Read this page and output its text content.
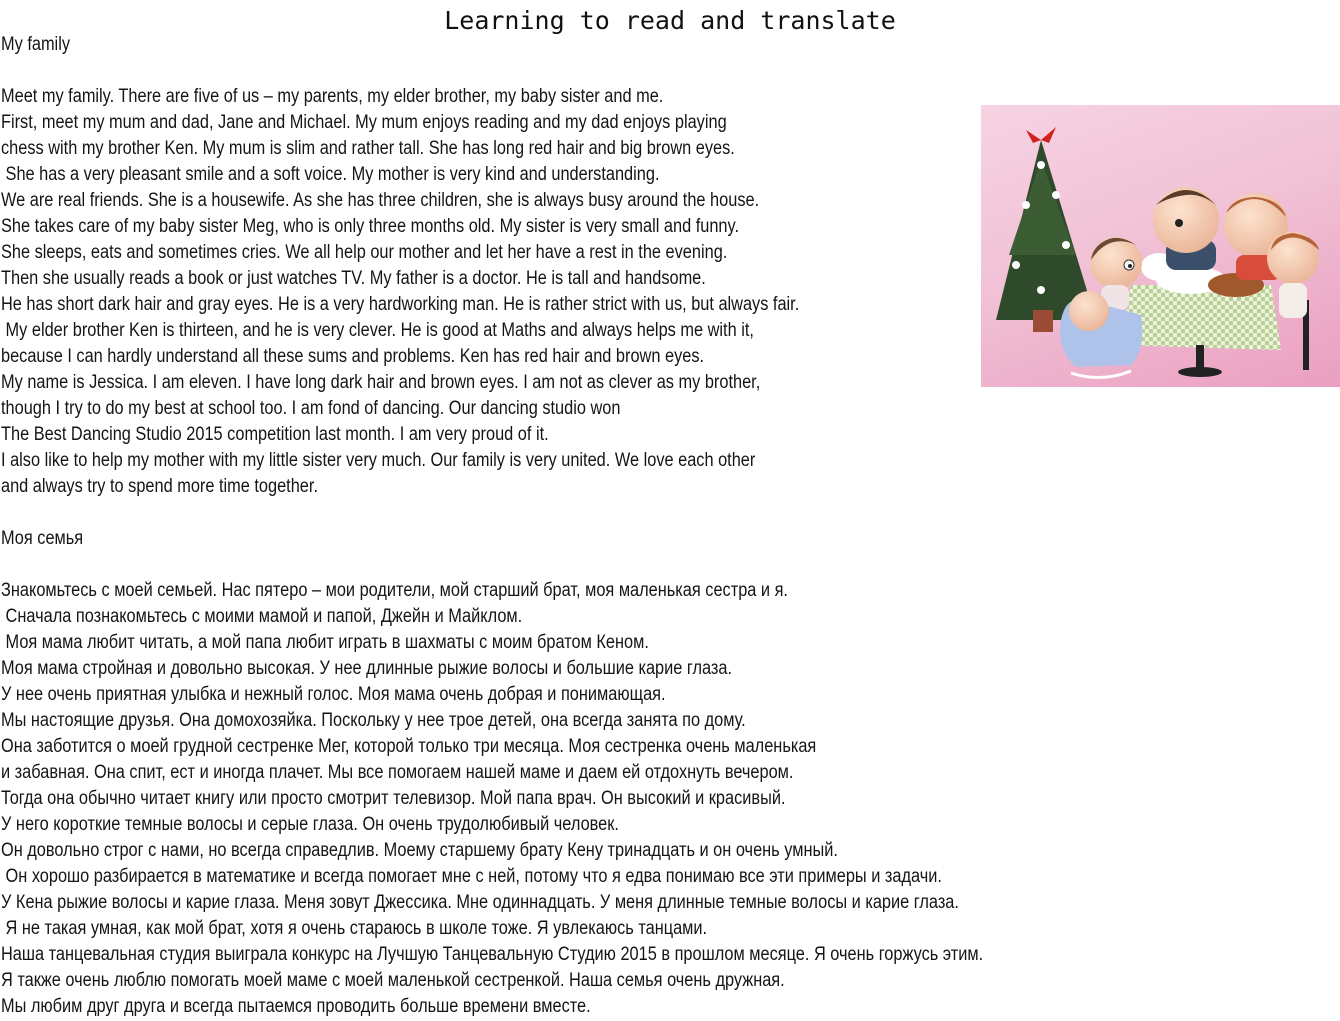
Learning to read and translate
My family
Meet my family. There are five of us – my parents, my elder brother, my baby sister and me.
First, meet my mum and dad, Jane and Michael. My mum enjoys reading and my dad enjoys playing
chess with my brother Ken. My mum is slim and rather tall. She has long red hair and big brown eyes.
She has a very pleasant smile and a soft voice. My mother is very kind and understanding.
We are real friends. She is a housewife. As she has three children, she is always busy around the house.
She takes care of my baby sister Meg, who is only three months old. My sister is very small and funny.
She sleeps, eats and sometimes cries. We all help our mother and let her have a rest in the evening.
Then she usually reads a book or just watches TV. My father is a doctor. He is tall and handsome.
He has short dark hair and gray eyes. He is a very hardworking man. He is rather strict with us, but always fair.
My elder brother Ken is thirteen, and he is very clever. He is good at Maths and always helps me with it,
because I can hardly understand all these sums and problems. Ken has red hair and brown eyes.
My name is Jessica. I am eleven. I have long dark hair and brown eyes. I am not as clever as my brother,
though I try to do my best at school too. I am fond of dancing. Our dancing studio won
The Best Dancing Studio 2015 competition last month. I am very proud of it.
I also like to help my mother with my little sister very much. Our family is very united. We love each other
and always try to spend more time together.
Моя семья
Знакомьтесь с моей семьей. Нас пятеро – мои родители, мой старший брат, моя маленькая сестра и я.
Сначала познакомьтесь с моими мамой и папой, Джейн и Майклом.
Моя мама любит читать, а мой папа любит играть в шахматы с моим братом Кеном.
Моя мама стройная и довольно высокая. У нее длинные рыжие волосы и большие карие глаза.
У нее очень приятная улыбка и нежный голос. Моя мама очень добрая и понимающая.
Мы настоящие друзья. Она домохозяйка. Поскольку у нее трое детей, она всегда занята по дому.
Она заботится о моей грудной сестренке Мег, которой только три месяца. Моя сестренка очень маленькая
и забавная. Она спит, ест и иногда плачет. Мы все помогаем нашей маме и даем ей отдохнуть вечером.
Тогда она обычно читает книгу или просто смотрит телевизор. Мой папа врач. Он высокий и красивый.
У него короткие темные волосы и серые глаза. Он очень трудолюбивый человек.
Он довольно строг с нами, но всегда справедлив. Моему старшему брату Кену тринадцать и он очень умный.
Он хорошо разбирается в математике и всегда помогает мне с ней, потому что я едва понимаю все эти примеры и задачи.
У Кена рыжие волосы и карие глаза. Меня зовут Джессика. Мне одиннадцать. У меня длинные темные волосы и карие глаза.
Я не такая умная, как мой брат, хотя я очень стараюсь в школе тоже. Я увлекаюсь танцами.
Наша танцевальная студия выиграла конкурс на Лучшую Танцевальную Студию 2015 в прошлом месяце. Я очень горжусь этим.
Я также очень люблю помогать моей маме с моей маленькой сестренкой. Наша семья очень дружная.
Мы любим друг друга и всегда пытаемся проводить больше времени вместе.
